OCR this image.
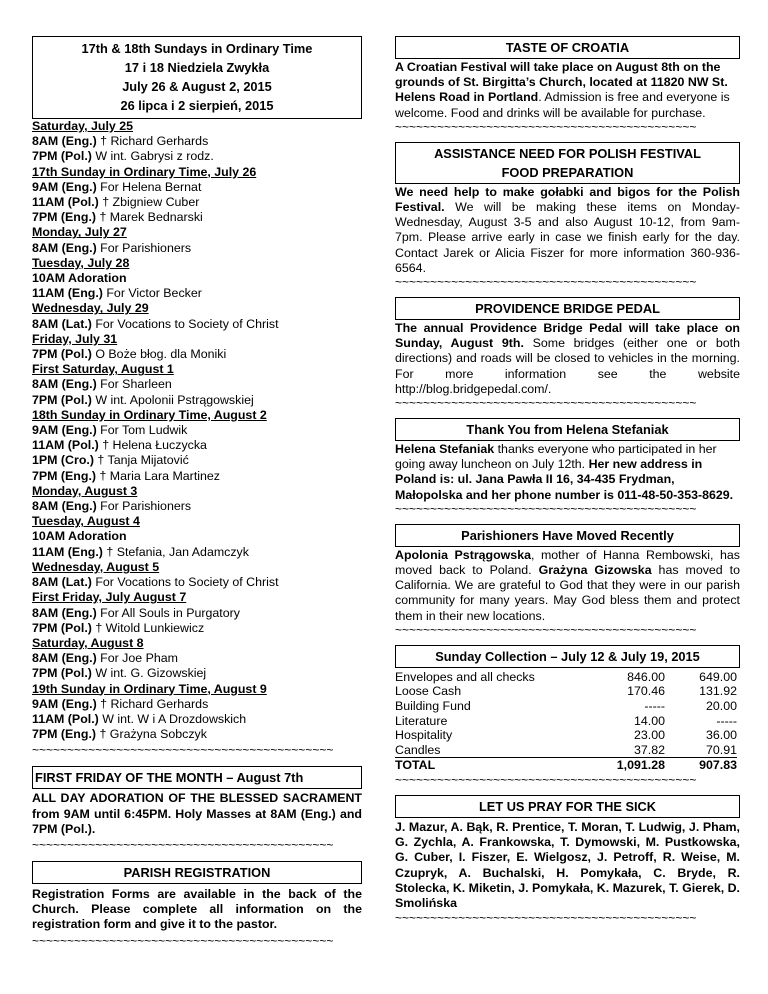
17th & 18th Sundays in Ordinary Time
17 i 18 Niedziela Zwykła
July 26 & August 2, 2015
26 lipca i 2 sierpień, 2015
Saturday, July 25
8AM (Eng.) † Richard Gerhards
7PM (Pol.) W int. Gabrysi z rodz.
17th Sunday in Ordinary Time, July 26
9AM (Eng.) For Helena Bernat
11AM (Pol.) † Zbigniew Cuber
7PM (Eng.) † Marek Bednarski
Monday, July 27
8AM (Eng.) For Parishioners
Tuesday, July 28
10AM Adoration
11AM (Eng.) For Victor Becker
Wednesday, July 29
8AM (Lat.) For Vocations to Society of Christ
Friday, July 31
7PM (Pol.) O Boże błog. dla Moniki
First Saturday, August 1
8AM (Eng.) For Sharleen
7PM (Pol.) W int. Apolonii Pstrągowskiej
18th Sunday in Ordinary Time, August 2
9AM (Eng.) For Tom Ludwik
11AM (Pol.) † Helena Łuczycka
1PM (Cro.) † Tanja Mijatović
7PM (Eng.) † Maria Lara Martinez
Monday, August 3
8AM (Eng.) For Parishioners
Tuesday, August 4
10AM Adoration
11AM (Eng.) † Stefania, Jan Adamczyk
Wednesday, August 5
8AM (Lat.) For Vocations to Society of Christ
First Friday, July August 7
8AM (Eng.) For All Souls in Purgatory
7PM (Pol.) † Witold Lunkiewicz
Saturday, August 8
8AM (Eng.) For Joe Pham
7PM (Pol.) W int. G. Gizowskiej
19th Sunday in Ordinary Time, August 9
9AM (Eng.) † Richard Gerhards
11AM (Pol.) W int. W i A Drozdowskich
7PM (Eng.) † Grażyna Sobczyk
~~~~~~~~~~~~~~~~~~~~~~~~~~~~~~~~~~~~~~~~~~~
FIRST FRIDAY OF THE MONTH – August 7th
ALL DAY ADORATION OF THE BLESSED SACRAMENT from 9AM until 6:45PM. Holy Masses at 8AM (Eng.) and 7PM (Pol.).
~~~~~~~~~~~~~~~~~~~~~~~~~~~~~~~~~~~~~~~~~~~
PARISH REGISTRATION
Registration Forms are available in the back of the Church. Please complete all information on the registration form and give it to the pastor.
~~~~~~~~~~~~~~~~~~~~~~~~~~~~~~~~~~~~~~~~~~~
TASTE OF CROATIA
A Croatian Festival will take place on August 8th on the grounds of St. Birgitta’s Church, located at 11820 NW St. Helens Road in Portland. Admission is free and everyone is welcome. Food and drinks will be available for purchase.
~~~~~~~~~~~~~~~~~~~~~~~~~~~~~~~~~~~~~~~~~~~
ASSISTANCE NEED FOR POLISH FESTIVAL
FOOD PREPARATION
We need help to make gołabki and bigos for the Polish Festival. We will be making these items on Monday-Wednesday, August 3-5 and also August 10-12, from 9am-7pm. Please arrive early in case we finish early for the day. Contact Jarek or Alicia Fiszer for more information 360-936-6564.
~~~~~~~~~~~~~~~~~~~~~~~~~~~~~~~~~~~~~~~~~~~
PROVIDENCE BRIDGE PEDAL
The annual Providence Bridge Pedal will take place on Sunday, August 9th. Some bridges (either one or both directions) and roads will be closed to vehicles in the morning. For more information see the website http://blog.bridgepedal.com/.
~~~~~~~~~~~~~~~~~~~~~~~~~~~~~~~~~~~~~~~~~~~
Thank You from Helena Stefaniak
Helena Stefaniak thanks everyone who participated in her going away luncheon on July 12th. Her new address in Poland is: ul. Jana Pawła II 16, 34-435 Frydman, Małopolska and her phone number is 011-48-50-353-8629.
~~~~~~~~~~~~~~~~~~~~~~~~~~~~~~~~~~~~~~~~~~~
Parishioners Have Moved Recently
Apolonia Pstrągowska, mother of Hanna Rembowski, has moved back to Poland. Grażyna Gizowska has moved to California. We are grateful to God that they were in our parish community for many years. May God bless them and protect them in their new locations.
~~~~~~~~~~~~~~~~~~~~~~~~~~~~~~~~~~~~~~~~~~~
Sunday Collection – July 12 & July 19, 2015
Envelopes and all checks	846.00	649.00
Loose Cash	170.46	131.92
Building Fund	-----	20.00
Literature	14.00	-----
Hospitality	23.00	36.00
Candles	37.82	70.91
TOTAL	1,091.28	907.83
~~~~~~~~~~~~~~~~~~~~~~~~~~~~~~~~~~~~~~~~~~~
LET US PRAY FOR THE SICK
J. Mazur, A. Bąk, R. Prentice, T. Moran, T. Ludwig, J. Pham, G. Zychla, A. Frankowska, T. Dymowski, M. Pustkowska, G. Cuber, I. Fiszer, E. Wielgosz, J. Petroff, R. Weise, M. Czupryk, A. Buchalski, H. Pomykała, C. Bryde, R. Stolecka, K. Miketin, J. Pomykała, K. Mazurek, T. Gierek, D. Smolińska
~~~~~~~~~~~~~~~~~~~~~~~~~~~~~~~~~~~~~~~~~~~
